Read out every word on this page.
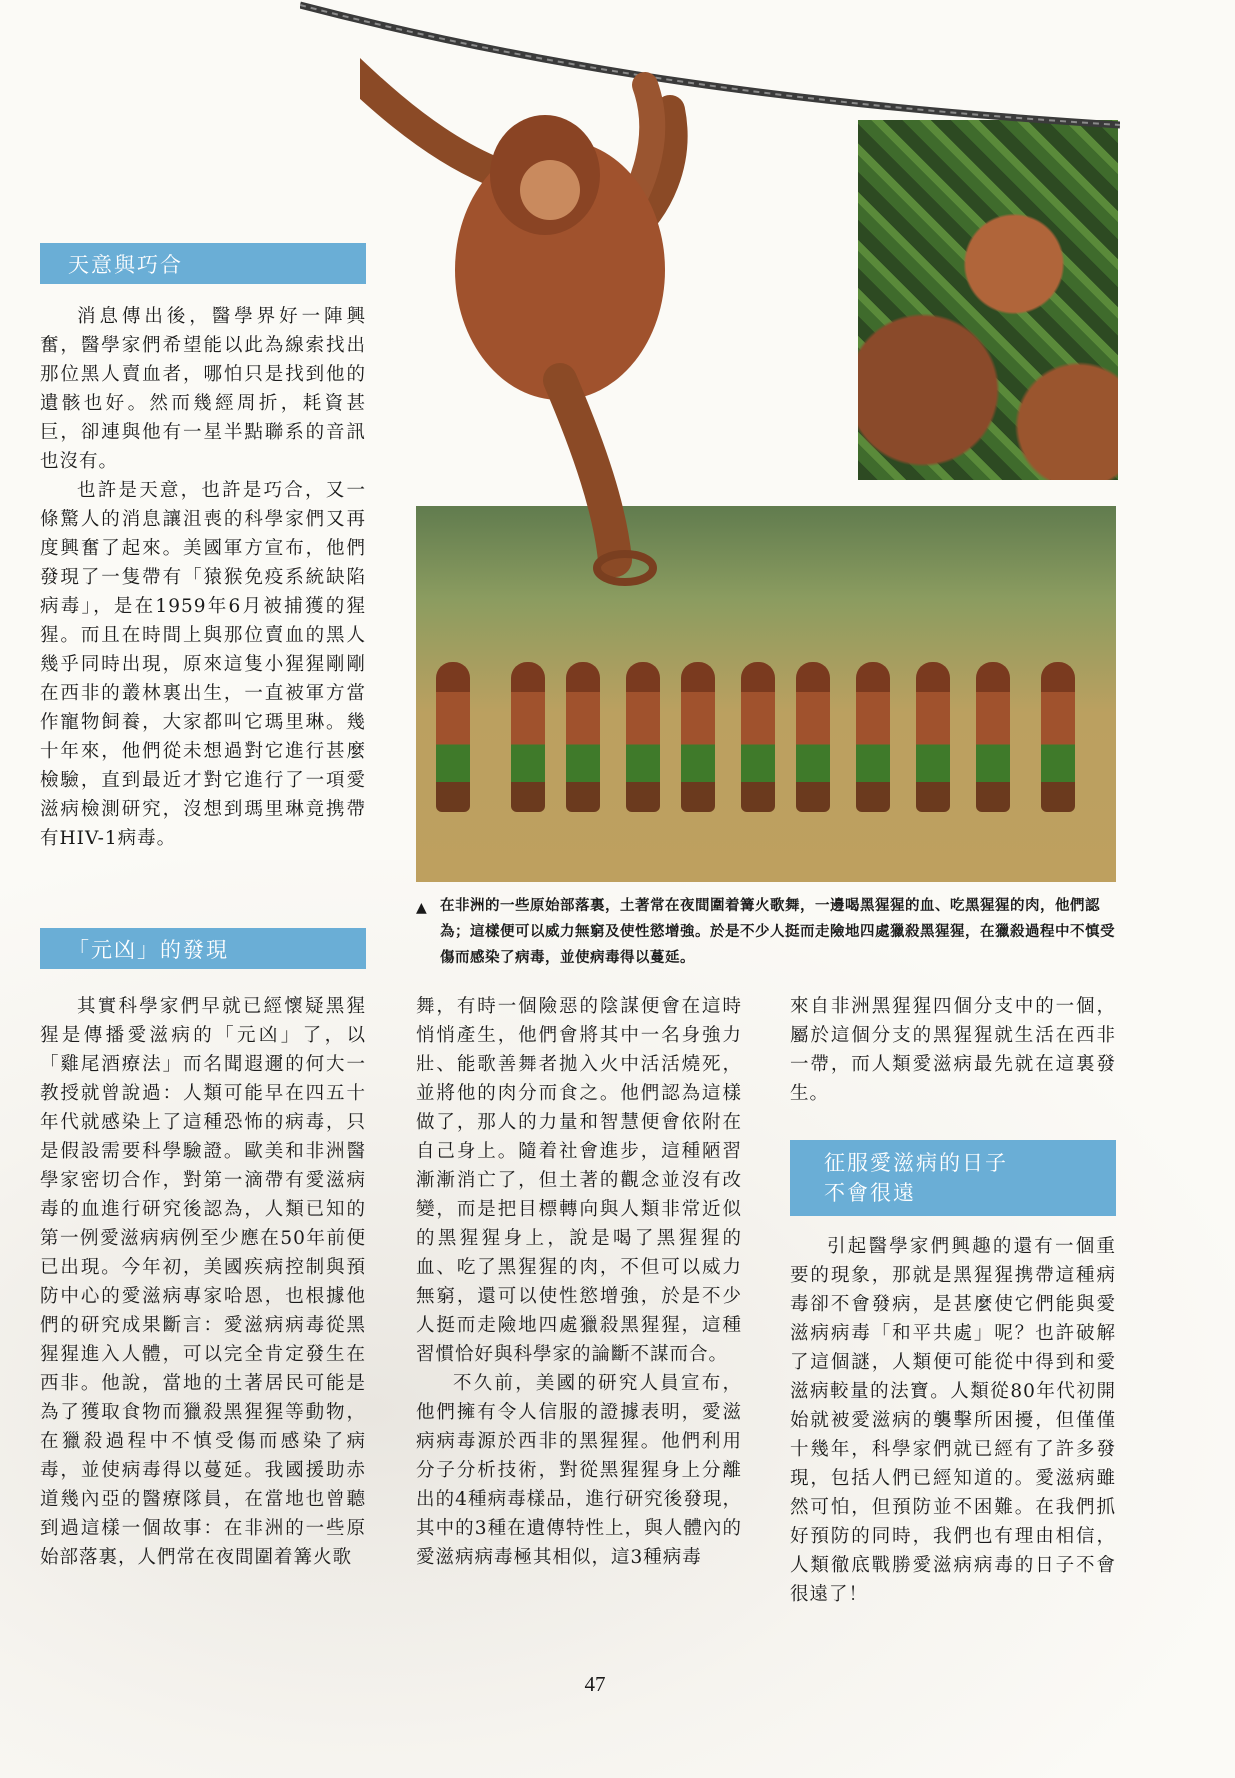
天意與巧合

消息傳出後，醫學界好一陣興奮，醫學家們希望能以此為線索找出那位黑人賣血者，哪怕只是找到他的遺骸也好。然而幾經周折，耗資甚巨，卻連與他有一星半點聯系的音訊也沒有。

也許是天意，也許是巧合，又一條驚人的消息讓沮喪的科學家們又再度興奮了起來。美國軍方宣布，他們發現了一隻帶有「猿猴免疫系統缺陷病毒」，是在1959年6月被捕獲的猩猩。而且在時間上與那位賣血的黑人幾乎同時出現，原來這隻小猩猩剛剛在西非的叢林裏出生，一直被軍方當作寵物飼養，大家都叫它瑪里琳。幾十年來，他們從未想過對它進行甚麼檢驗，直到最近才對它進行了一項愛滋病檢測研究，沒想到瑪里琳竟携帶有HIV-1病毒。

▲ 在非洲的一些原始部落裏，土著常在夜間圍着篝火歌舞，一邊喝黑猩猩的血、吃黑猩猩的肉，他們認為；這樣便可以威力無窮及使性慾增強。於是不少人挺而走險地四處獵殺黑猩猩，在獵殺過程中不慎受傷而感染了病毒，並使病毒得以蔓延。
「元凶」的發現

其實科學家們早就已經懷疑黑猩猩是傳播愛滋病的「元凶」了，以「雞尾酒療法」而名聞遐邇的何大一教授就曾說過：人類可能早在四五十年代就感染上了這種恐怖的病毒，只是假設需要科學驗證。歐美和非洲醫學家密切合作，對第一滴帶有愛滋病毒的血進行研究後認為，人類已知的第一例愛滋病病例至少應在50年前便已出現。今年初，美國疾病控制與預防中心的愛滋病專家哈恩，也根據他們的研究成果斷言：愛滋病病毒從黑猩猩進入人體，可以完全肯定發生在西非。他說，當地的土著居民可能是為了獲取食物而獵殺黑猩猩等動物，在獵殺過程中不慎受傷而感染了病毒，並使病毒得以蔓延。我國援助赤道幾內亞的醫療隊員，在當地也曾聽到過這樣一個故事：在非洲的一些原始部落裏，人們常在夜間圍着篝火歌

舞，有時一個險惡的陰謀便會在這時悄悄產生，他們會將其中一名身強力壯、能歌善舞者拋入火中活活燒死，並將他的肉分而食之。他們認為這樣做了，那人的力量和智慧便會依附在自己身上。隨着社會進步，這種陋習漸漸消亡了，但土著的觀念並沒有改變，而是把目標轉向與人類非常近似的黑猩猩身上，說是喝了黑猩猩的血、吃了黑猩猩的肉，不但可以威力無窮，還可以使性慾增強，於是不少人挺而走險地四處獵殺黑猩猩，這種習慣恰好與科學家的論斷不謀而合。

不久前，美國的研究人員宣布，他們擁有令人信服的證據表明，愛滋病病毒源於西非的黑猩猩。他們利用分子分析技術，對從黑猩猩身上分離出的4種病毒樣品，進行研究後發現，其中的3種在遺傳特性上，與人體內的愛滋病病毒極其相似，這3種病毒

來自非洲黑猩猩四個分支中的一個，屬於這個分支的黑猩猩就生活在西非一帶，而人類愛滋病最先就在這裏發生。

征服愛滋病的日子
不會很遠

引起醫學家們興趣的還有一個重要的現象，那就是黑猩猩携帶這種病毒卻不會發病，是甚麼使它們能與愛滋病病毒「和平共處」呢？也許破解了這個謎，人類便可能從中得到和愛滋病較量的法寶。人類從80年代初開始就被愛滋病的襲擊所困擾，但僅僅十幾年，科學家們就已經有了許多發現，包括人們已經知道的。愛滋病雖然可怕，但預防並不困難。在我們抓好預防的同時，我們也有理由相信，人類徹底戰勝愛滋病病毒的日子不會很遠了！

47
